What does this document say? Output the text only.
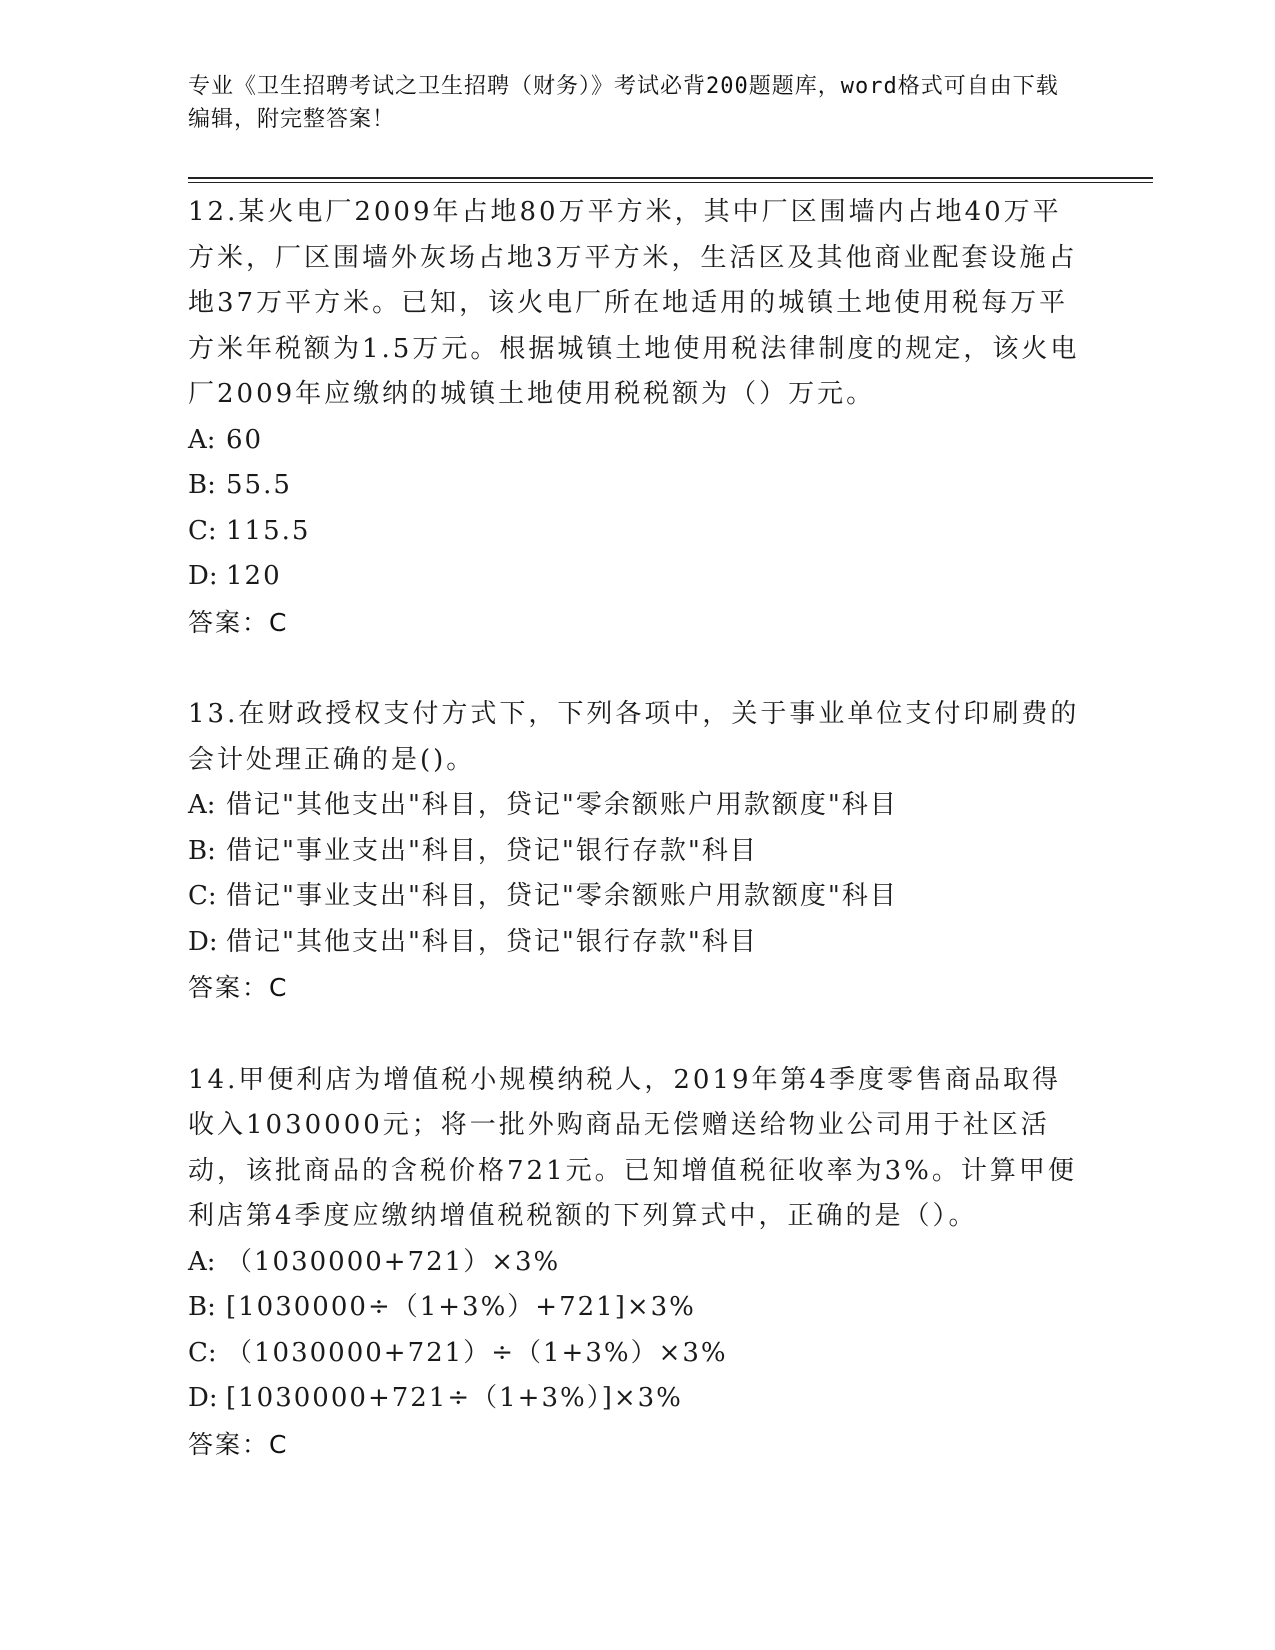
专业《卫生招聘考试之卫生招聘（财务）》考试必背200题题库，word格式可自由下载编辑，附完整答案！
12.某火电厂2009年占地80万平方米，其中厂区围墙内占地40万平方米，厂区围墙外灰场占地3万平方米，生活区及其他商业配套设施占地37万平方米。已知，该火电厂所在地适用的城镇土地使用税每万平方米年税额为1.5万元。根据城镇土地使用税法律制度的规定，该火电厂2009年应缴纳的城镇土地使用税税额为（）万元。
A: 60
B: 55.5
C: 115.5
D: 120
答案：C
13.在财政授权支付方式下，下列各项中，关于事业单位支付印刷费的会计处理正确的是()。
A: 借记"其他支出"科目，贷记"零余额账户用款额度"科目
B: 借记"事业支出"科目，贷记"银行存款"科目
C: 借记"事业支出"科目，贷记"零余额账户用款额度"科目
D: 借记"其他支出"科目，贷记"银行存款"科目
答案：C
14.甲便利店为增值税小规模纳税人，2019年第4季度零售商品取得收入1030000元；将一批外购商品无偿赠送给物业公司用于社区活动，该批商品的含税价格721元。已知增值税征收率为3%。计算甲便利店第4季度应缴纳增值税税额的下列算式中，正确的是（）。
A: （1030000+721）×3%
B: [1030000÷（1+3%）+721]×3%
C: （1030000+721）÷（1+3%）×3%
D: [1030000+721÷（1+3%）]×3%
答案：C
